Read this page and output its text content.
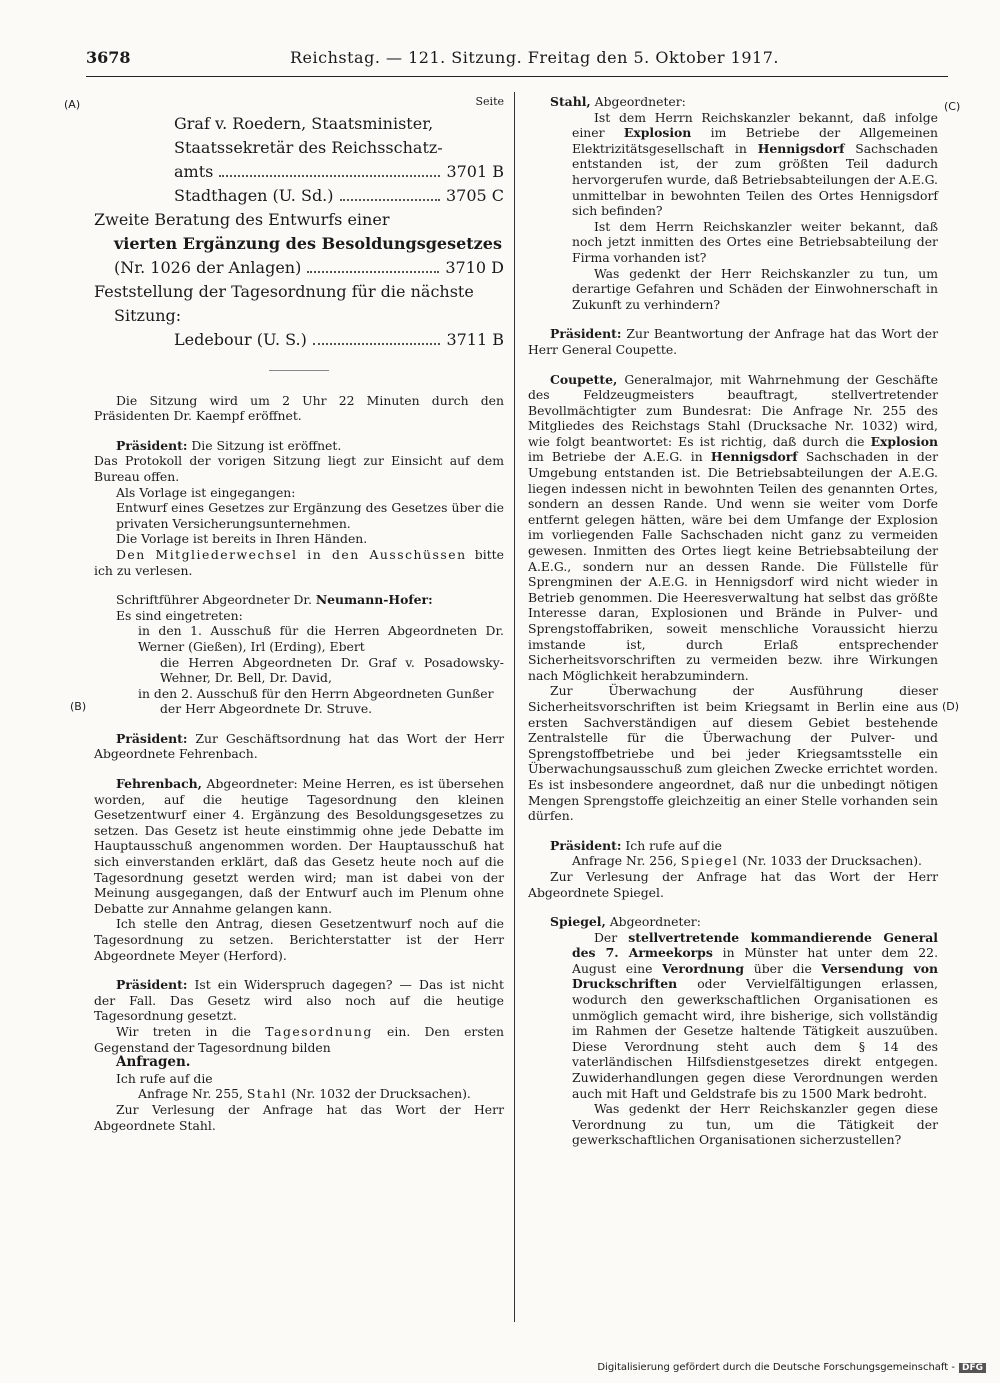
3678	Reichstag. — 121. Sitzung. Freitag den 5. Oktober 1917.
(A)
(B)
(C)
(D)
Seite
Graf v. Roedern, Staatsminister, Staatssekretär des Reichsschatz-
amts	3701 B
Stadthagen (U. Sd.)	3705 C
Zweite Beratung des Entwurfs einer
vierten Ergänzung des Besoldungsgesetzes
(Nr. 1026 der Anlagen)	3710 D
Feststellung der Tagesordnung für die nächste
Sitzung:
Ledebour (U. S.)	3711 B

Die Sitzung wird um 2 Uhr 22 Minuten durch den Präsidenten Dr. Kaempf eröffnet.

Präsident: Die Sitzung ist eröffnet.

Das Protokoll der vorigen Sitzung liegt zur Einsicht auf dem Bureau offen.

Als Vorlage ist eingegangen:

Entwurf eines Gesetzes zur Ergänzung des Gesetzes über die privaten Versicherungsunternehmen.

Die Vorlage ist bereits in Ihren Händen.

Den Mitgliederwechsel in den Ausschüssen bitte ich zu verlesen.

Schriftführer Abgeordneter Dr. Neumann-Hofer:

Es sind eingetreten:

in den 1. Ausschuß für die Herren Abgeordneten Dr. Werner (Gießen), Irl (Erding), Ebert

die Herren Abgeordneten Dr. Graf v. Posadowsky-Wehner, Dr. Bell, Dr. David,

in den 2. Ausschuß für den Herrn Abgeordneten Gunßer

der Herr Abgeordnete Dr. Struve.

Präsident: Zur Geschäftsordnung hat das Wort der Herr Abgeordnete Fehrenbach.

Fehrenbach, Abgeordneter: Meine Herren, es ist übersehen worden, auf die heutige Tagesordnung den kleinen Gesetzentwurf einer 4. Ergänzung des Besoldungsgesetzes zu setzen. Das Gesetz ist heute einstimmig ohne jede Debatte im Hauptausschuß angenommen worden. Der Hauptausschuß hat sich einverstanden erklärt, daß das Gesetz heute noch auf die Tagesordnung gesetzt werden wird; man ist dabei von der Meinung ausgegangen, daß der Entwurf auch im Plenum ohne Debatte zur Annahme gelangen kann.

Ich stelle den Antrag, diesen Gesetzentwurf noch auf die Tagesordnung zu setzen. Berichterstatter ist der Herr Abgeordnete Meyer (Herford).

Präsident: Ist ein Widerspruch dagegen? — Das ist nicht der Fall. Das Gesetz wird also noch auf die heutige Tagesordnung gesetzt.

Wir treten in die Tagesordnung ein. Den ersten Gegenstand der Tagesordnung bilden

Anfragen.

Ich rufe auf die

Anfrage Nr. 255, Stahl (Nr. 1032 der Drucksachen).

Zur Verlesung der Anfrage hat das Wort der Herr Abgeordnete Stahl.

Stahl, Abgeordneter:

Ist dem Herrn Reichskanzler bekannt, daß infolge einer Explosion im Betriebe der Allgemeinen Elektrizitätsgesellschaft in Hennigsdorf Sachschaden entstanden ist, der zum größten Teil dadurch hervorgerufen wurde, daß Betriebsabteilungen der A.E.G. unmittelbar in bewohnten Teilen des Ortes Hennigsdorf sich befinden?

Ist dem Herrn Reichskanzler weiter bekannt, daß noch jetzt inmitten des Ortes eine Betriebsabteilung der Firma vorhanden ist?

Was gedenkt der Herr Reichskanzler zu tun, um derartige Gefahren und Schäden der Einwohnerschaft in Zukunft zu verhindern?

Präsident: Zur Beantwortung der Anfrage hat das Wort der Herr General Coupette.

Coupette, Generalmajor, mit Wahrnehmung der Geschäfte des Feldzeugmeisters beauftragt, stellvertretender Bevollmächtigter zum Bundesrat: Die Anfrage Nr. 255 des Mitgliedes des Reichstags Stahl (Drucksache Nr. 1032) wird, wie folgt beantwortet: Es ist richtig, daß durch die Explosion im Betriebe der A.E.G. in Hennigsdorf Sachschaden in der Umgebung entstanden ist. Die Betriebsabteilungen der A.E.G. liegen indessen nicht in bewohnten Teilen des genannten Ortes, sondern an dessen Rande. Und wenn sie weiter vom Dorfe entfernt gelegen hätten, wäre bei dem Umfange der Explosion im vorliegenden Falle Sachschaden nicht ganz zu vermeiden gewesen. Inmitten des Ortes liegt keine Betriebsabteilung der A.E.G., sondern nur an dessen Rande. Die Füllstelle für Sprengminen der A.E.G. in Hennigsdorf wird nicht wieder in Betrieb genommen. Die Heeresverwaltung hat selbst das größte Interesse daran, Explosionen und Brände in Pulver- und Sprengstoffabriken, soweit menschliche Voraussicht hierzu imstande ist, durch Erlaß entsprechender Sicherheitsvorschriften zu vermeiden bezw. ihre Wirkungen nach Möglichkeit herabzumindern.

Zur Überwachung der Ausführung dieser Sicherheitsvorschriften ist beim Kriegsamt in Berlin eine aus ersten Sachverständigen auf diesem Gebiet bestehende Zentralstelle für die Überwachung der Pulver- und Sprengstoffbetriebe und bei jeder Kriegsamtsstelle ein Überwachungsausschuß zum gleichen Zwecke errichtet worden. Es ist insbesondere angeordnet, daß nur die unbedingt nötigen Mengen Sprengstoffe gleichzeitig an einer Stelle vorhanden sein dürfen.

Präsident: Ich rufe auf die

Anfrage Nr. 256, Spiegel (Nr. 1033 der Drucksachen).

Zur Verlesung der Anfrage hat das Wort der Herr Abgeordnete Spiegel.

Spiegel, Abgeordneter:

Der stellvertretende kommandierende General des 7. Armeekorps in Münster hat unter dem 22. August eine Verordnung über die Versendung von Druckschriften oder Vervielfältigungen erlassen, wodurch den gewerkschaftlichen Organisationen es unmöglich gemacht wird, ihre bisherige, sich vollständig im Rahmen der Gesetze haltende Tätigkeit auszuüben. Diese Verordnung steht auch dem § 14 des vaterländischen Hilfsdienstgesetzes direkt entgegen. Zuwiderhandlungen gegen diese Verordnungen werden auch mit Haft und Geldstrafe bis zu 1500 Mark bedroht.

Was gedenkt der Herr Reichskanzler gegen diese Verordnung zu tun, um die Tätigkeit der gewerkschaftlichen Organisationen sicherzustellen?

Digitalisierung gefördert durch die Deutsche Forschungsgemeinschaft - DFG
